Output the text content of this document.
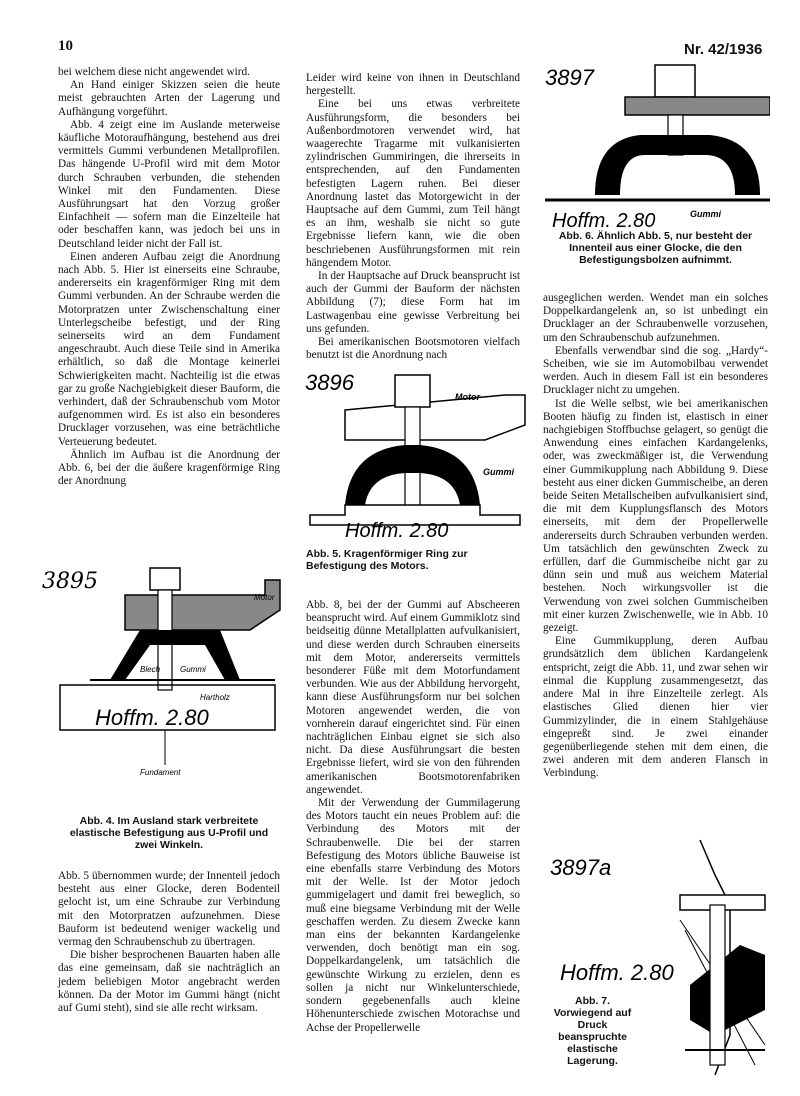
10	Nr. 42/1936

bei welchem diese nicht angewendet wird.

An Hand einiger Skizzen seien die heute meist gebrauchten Arten der Lagerung und Aufhängung vorgeführt.

Abb. 4 zeigt eine im Auslande meterweise käufliche Motoraufhängung, bestehend aus drei vermittels Gummi verbundenen Metallprofilen. Das hängende U-Profil wird mit dem Motor durch Schrauben verbunden, die stehenden Winkel mit den Fundamenten. Diese Ausführungsart hat den Vorzug großer Einfachheit — sofern man die Einzelteile hat oder beschaffen kann, was jedoch bei uns in Deutschland leider nicht der Fall ist.

Einen anderen Aufbau zeigt die Anordnung nach Abb. 5. Hier ist einerseits eine Schraube, andererseits ein kragenförmiger Ring mit dem Gummi verbunden. An der Schraube werden die Motorpratzen unter Zwischenschaltung einer Unterlegscheibe befestigt, und der Ring seinerseits wird an dem Fundament angeschraubt. Auch diese Teile sind in Amerika erhältlich, so daß die Montage keinerlei Schwierigkeiten macht. Nachteilig ist die etwas gar zu große Nachgiebigkeit dieser Bauform, die verhindert, daß der Schraubenschub vom Motor aufgenommen wird. Es ist also ein besonderes Drucklager vorzusehen, was eine beträchtliche Verteuerung bedeutet.

Ähnlich im Aufbau ist die Anordnung der Abb. 6, bei der die äußere kragenförmige Ring der Anordnung

3895
Motor
Blech Gummi
Hartholz
Hoffm. 2.80
Fundament
Abb. 4. Im Ausland stark verbreitete elastische Befestigung aus U-Profil und zwei Winkeln.

Abb. 5 übernommen wurde; der Innenteil jedoch besteht aus einer Glocke, deren Bodenteil gelocht ist, um eine Schraube zur Verbindung mit den Motorpratzen aufzunehmen. Diese Bauform ist bedeutend weniger wackelig und vermag den Schraubenschub zu übertragen.

Die bisher besprochenen Bauarten haben alle das eine gemeinsam, daß sie nachträglich an jedem beliebigen Motor angebracht werden können. Da der Motor im Gummi hängt (nicht auf Gumi steht), sind sie alle recht wirksam.

Leider wird keine von ihnen in Deutschland hergestellt.

Eine bei uns etwas verbreitete Ausführungsform, die besonders bei Außenbordmotoren verwendet wird, hat waagerechte Tragarme mit vulkanisierten zylindrischen Gummiringen, die ihrerseits in entsprechenden, auf den Fundamenten befestigten Lagern ruhen. Bei dieser Anordnung lastet das Motorgewicht in der Hauptsache auf dem Gummi, zum Teil hängt es an ihm, weshalb sie nicht so gute Ergebnisse liefern kann, wie die oben beschriebenen Ausführungsformen mit rein hängendem Motor.

In der Hauptsache auf Druck beansprucht ist auch der Gummi der Bauform der nächsten Abbildung (7); diese Form hat im Lastwagenbau eine gewisse Verbreitung bei uns gefunden.

Bei amerikanischen Bootsmotoren vielfach benutzt ist die Anordnung nach

3896
Motor
Gummi
Hoffm. 2.80
Abb. 5. Kragenförmiger Ring zur Befestigung des Motors.

Abb. 8, bei der der Gummi auf Abscheeren beansprucht wird. Auf einem Gummiklotz sind beidseitig dünne Metallplatten aufvulkanisiert, und diese werden durch Schrauben einerseits mit dem Motor, andererseits vermittels besonderer Füße mit dem Motorfundament verbunden. Wie aus der Abbildung hervorgeht, kann diese Ausführungsform nur bei solchen Motoren angewendet werden, die von vornherein darauf eingerichtet sind. Für einen nachträglichen Einbau eignet sie sich also nicht. Da diese Ausführungsart die besten Ergebnisse liefert, wird sie von den führenden amerikanischen Bootsmotorenfabriken angewendet.

Mit der Verwendung der Gummilagerung des Motors taucht ein neues Problem auf: die Verbindung des Motors mit der Schraubenwelle. Die bei der starren Befestigung des Motors übliche Bauweise ist eine ebenfalls starre Verbindung des Motors mit der Welle. Ist der Motor jedoch gummigelagert und damit frei beweglich, so muß eine biegsame Verbindung mit der Welle geschaffen werden. Zu diesem Zwecke kann man eins der bekannten Kardangelenke verwenden, doch benötigt man ein sog. Doppelkardangelenk, um tatsächlich die gewünschte Wirkung zu erzielen, denn es sollen ja nicht nur Winkelunterschiede, sondern gegebenenfalls auch kleine Höhenunterschiede zwischen Motorachse und Achse der Propellerwelle

3897
Gummi
Hoffm. 2.80
Abb. 6. Ähnlich Abb. 5, nur besteht der Innenteil aus einer Glocke, die den Befestigungsbolzen aufnimmt.

ausgeglichen werden. Wendet man ein solches Doppelkardangelenk an, so ist unbedingt ein Drucklager an der Schraubenwelle vorzusehen, um den Schraubenschub aufzunehmen.

Ebenfalls verwendbar sind die sog. „Hardy“-Scheiben, wie sie im Automobilbau verwendet werden. Auch in diesem Fall ist ein besonderes Drucklager nicht zu umgehen.

Ist die Welle selbst, wie bei amerikanischen Booten häufig zu finden ist, elastisch in einer nachgiebigen Stoffbuchse gelagert, so genügt die Anwendung eines einfachen Kardangelenks, oder, was zweckmäßiger ist, die Verwendung einer Gummikupplung nach Abbildung 9. Diese besteht aus einer dicken Gummischeibe, an deren beide Seiten Metallscheiben aufvulkanisiert sind, die mit dem Kupplungsflansch des Motors einerseits, mit dem der Propellerwelle andererseits durch Schrauben verbunden werden. Um tatsächlich den gewünschten Zweck zu erfüllen, darf die Gummischeibe nicht gar zu dünn sein und muß aus weichem Material bestehen. Noch wirkungsvoller ist die Verwendung von zwei solchen Gummischeiben mit einer kurzen Zwischenwelle, wie in Abb. 10 gezeigt.

Eine Gummikupplung, deren Aufbau grundsätzlich dem üblichen Kardangelenk entspricht, zeigt die Abb. 11, und zwar sehen wir einmal die Kupplung zusammengesetzt, das andere Mal in ihre Einzelteile zerlegt. Als elastisches Glied dienen hier vier Gummizylinder, die in einem Stahlgehäuse eingepreßt sind. Je zwei einander gegenüberliegende stehen mit dem einen, die zwei anderen mit dem anderen Flansch in Verbindung.

3897a
Hoffm. 2.80
Abb. 7. Vorwiegend auf Druck beanspruchte elastische Lagerung.
